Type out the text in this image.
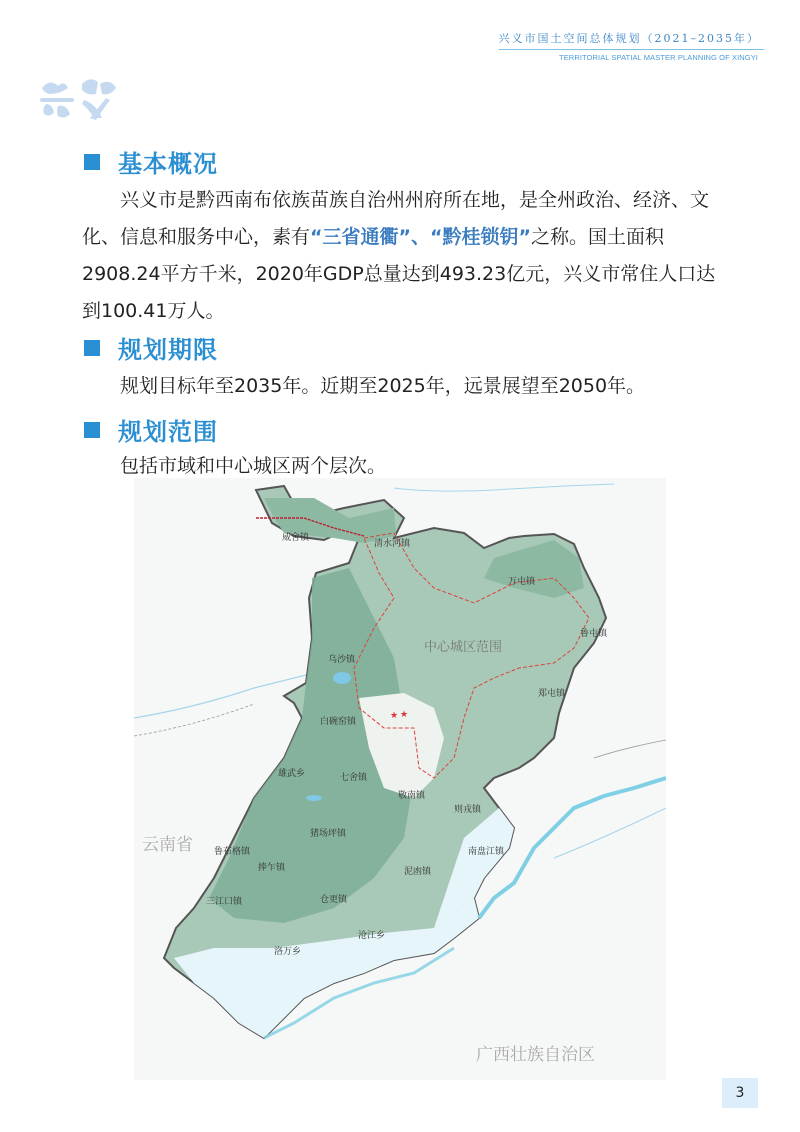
兴义市国土空间总体规划（2021–2035年）
TERRITORIAL SPATIAL MASTER PLANNING OF XINGYI
基本概况
兴义市是黔西南布依族苗族自治州州府所在地，是全州政治、经济、文化、信息和服务中心，素有“三省通衢”、“黔桂锁钥”之称。国土面积2908.24平方千米，2020年GDP总量达到493.23亿元，兴义市常住人口达到100.41万人。
规划期限
规划目标年至2035年。近期至2025年，远景展望至2050年。
规划范围
包括市域和中心城区两个层次。
★ ★
云南省
广西壮族自治区
中心城区范围
威舍镇
清水河镇
万屯镇
鲁屯镇
乌沙镇
郑屯镇
白碗窑镇
雄武乡	七舍镇
敬南镇
则戎镇
猪场坪镇
鲁布格镇
捧乍镇
南盘江镇
泥凼镇
三江口镇	仓更镇
沧江乡
洛万乡
3
